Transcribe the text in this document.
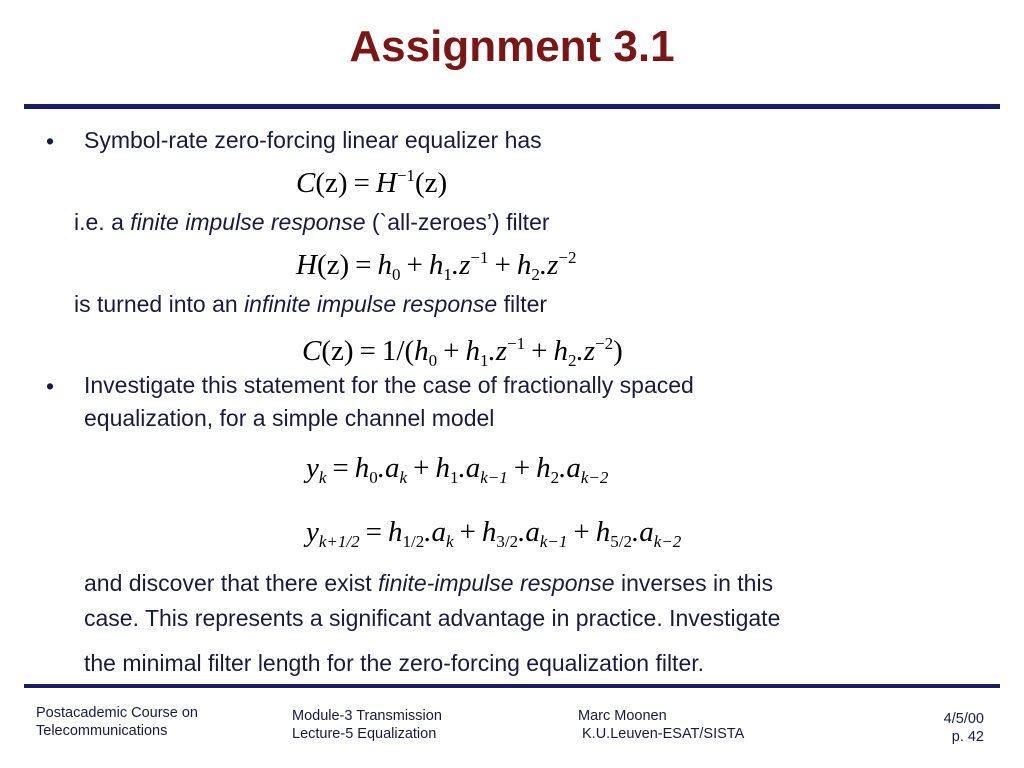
Assignment 3.1
• Symbol-rate zero-forcing linear equalizer has
$C(z) = H^{-1}(z)$
i.e. a finite impulse response (`all-zeroes’) filter
$H(z) = h_0 + h_1.z^{-1} + h_2.z^{-2}$
is turned into an infinite impulse response filter
$C(z) = 1/(h_0 + h_1.z^{-1} + h_2.z^{-2})$
• Investigate this statement for the case of fractionally spaced
equalization, for a simple channel model
$y_k = h_0.a_k + h_1.a_{k-1} + h_2.a_{k-2}$
$y_{k+1/2} = h_{1/2}.a_k + h_{3/2}.a_{k-1} + h_{5/2}.a_{k-2}$
and discover that there exist finite-impulse response inverses in this
case. This represents a significant advantage in practice. Investigate
the minimal filter length for the zero-forcing equalization filter.
Postacademic Course on
Telecommunications
Module-3 Transmission
Lecture-5 Equalization
Marc Moonen
K.U.Leuven-ESAT/SISTA
4/5/00
p. 42
